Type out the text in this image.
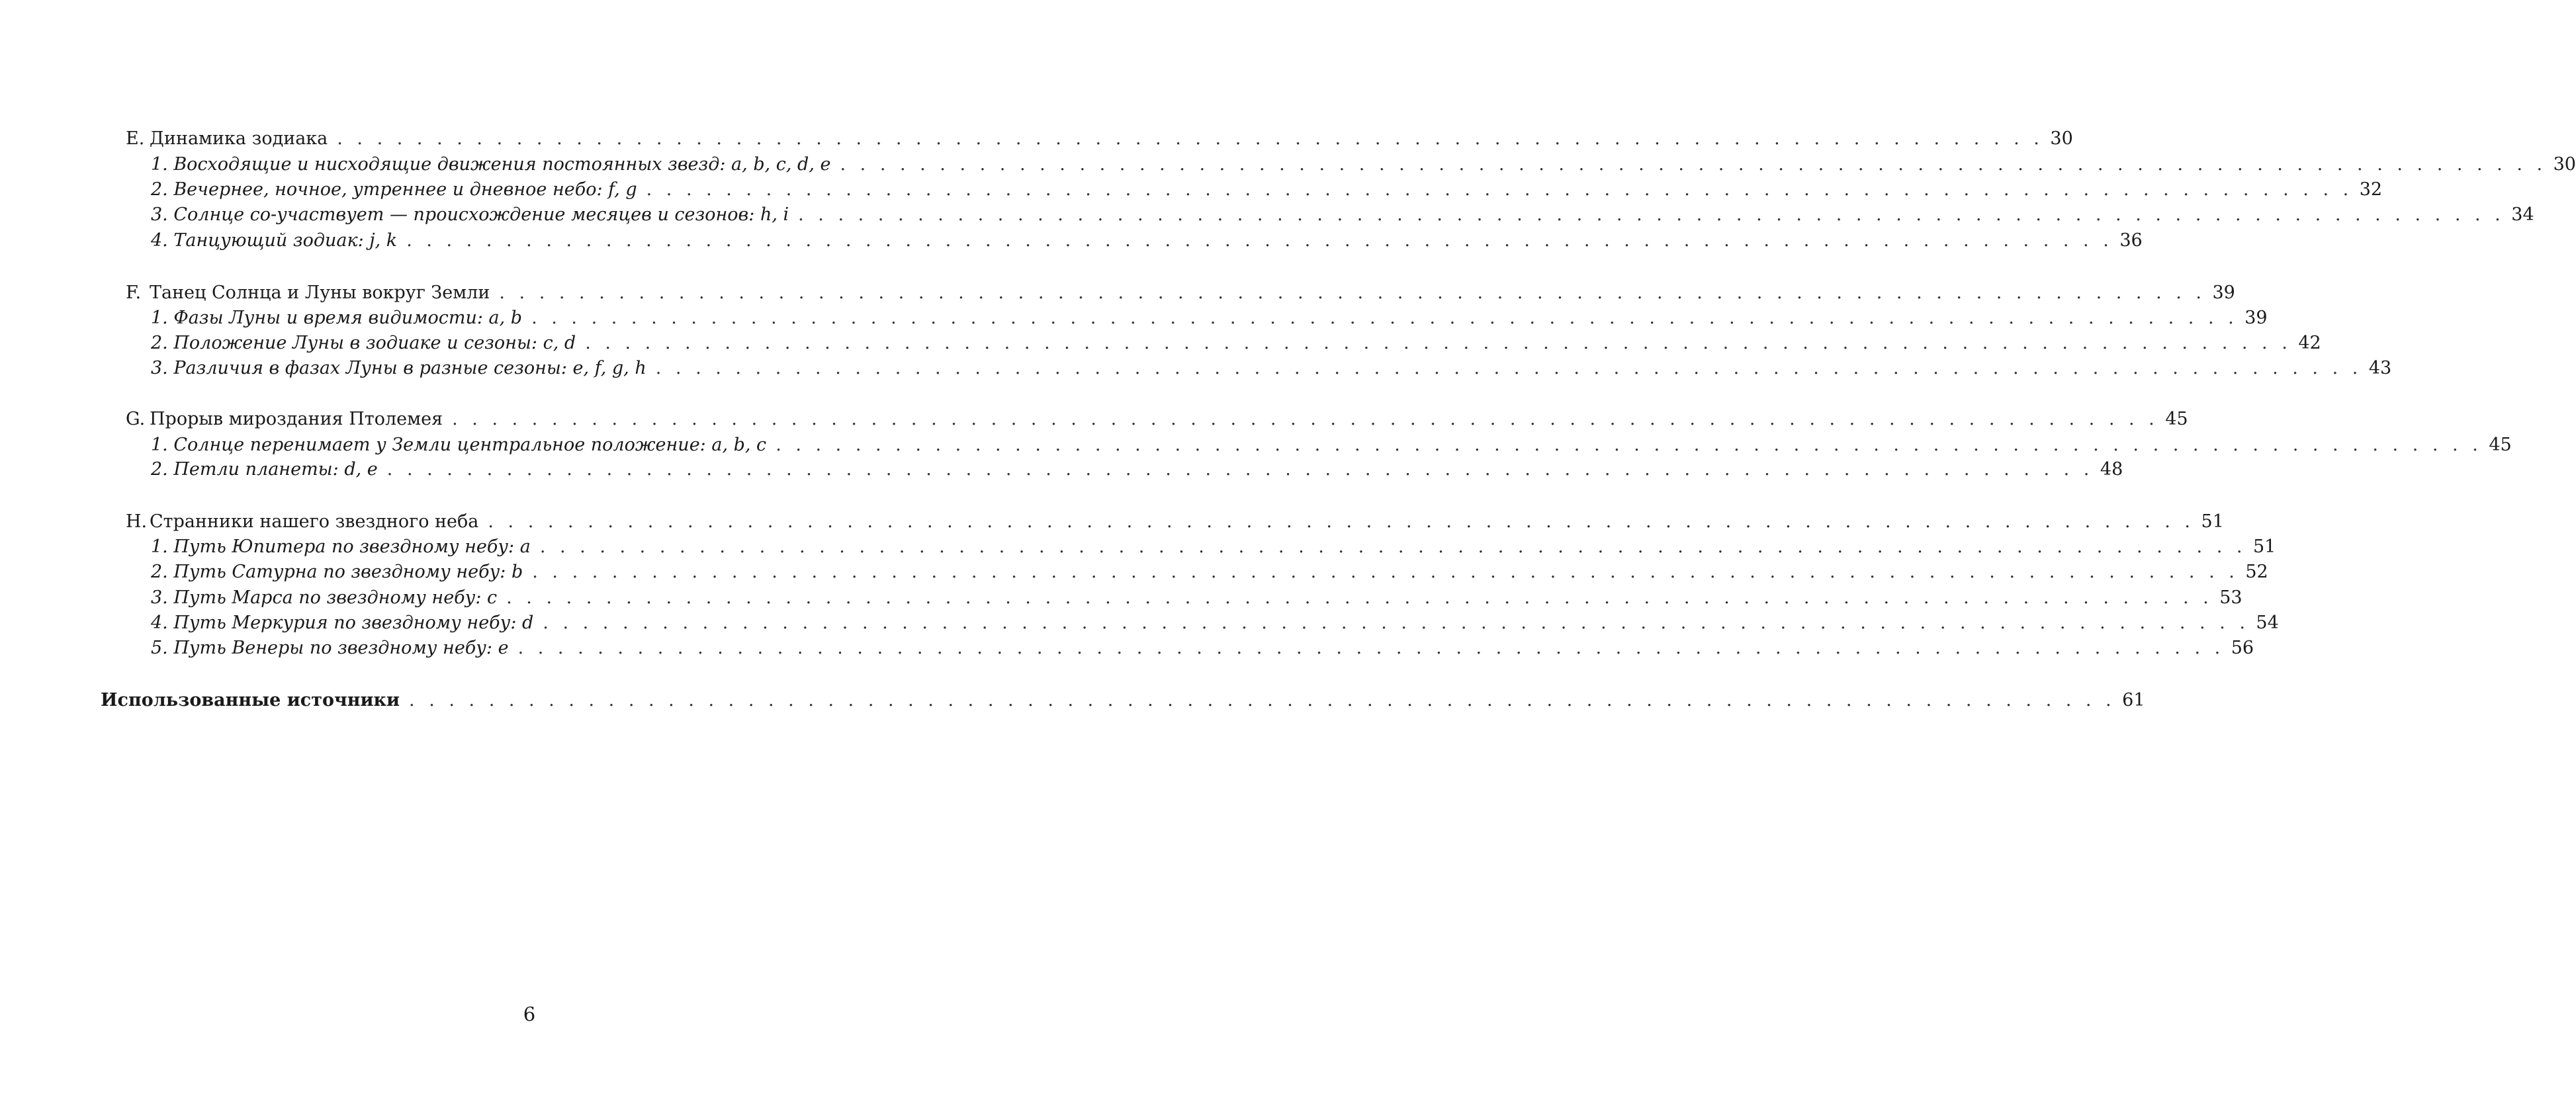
E. Динамика зодиака . . . . . . . . . . . . . . . . . . . . . . . . . . . . . . . . . . . . . . . . . . . . . . . . . . . . . . . . . . . . . . . . . . . . . . . . . . . . . . . . . . . . . . 30
1. Восходящие и нисходящие движения постоянных звезд: a, b, c, d, e . . . . . . . . . . . . . . . . . . . . . . . . . . . . . . . . . . . . . . . . . . . . . . . . . . . . . . . . . . . . . . . . . . . . . . . . . . . . . . . . . . . . . . 30
2. Вечернее, ночное, утреннее и дневное небо: f, g . . . . . . . . . . . . . . . . . . . . . . . . . . . . . . . . . . . . . . . . . . . . . . . . . . . . . . . . . . . . . . . . . . . . . . . . . . . . . . . . . . . . . . 32
3. Солнце со-участвует — происхождение месяцев и сезонов: h, i . . . . . . . . . . . . . . . . . . . . . . . . . . . . . . . . . . . . . . . . . . . . . . . . . . . . . . . . . . . . . . . . . . . . . . . . . . . . . . . . . . . . . . 34
4. Танцующий зодиак: j, k . . . . . . . . . . . . . . . . . . . . . . . . . . . . . . . . . . . . . . . . . . . . . . . . . . . . . . . . . . . . . . . . . . . . . . . . . . . . . . . . . . . . . . 36
F. Танец Солнца и Луны вокруг Земли . . . . . . . . . . . . . . . . . . . . . . . . . . . . . . . . . . . . . . . . . . . . . . . . . . . . . . . . . . . . . . . . . . . . . . . . . . . . . . . . . . . . . . 39
1. Фазы Луны и время видимости: a, b . . . . . . . . . . . . . . . . . . . . . . . . . . . . . . . . . . . . . . . . . . . . . . . . . . . . . . . . . . . . . . . . . . . . . . . . . . . . . . . . . . . . . . 39
2. Положение Луны в зодиаке и сезоны: c, d . . . . . . . . . . . . . . . . . . . . . . . . . . . . . . . . . . . . . . . . . . . . . . . . . . . . . . . . . . . . . . . . . . . . . . . . . . . . . . . . . . . . . . 42
3. Различия в фазах Луны в разные сезоны: e, f, g, h . . . . . . . . . . . . . . . . . . . . . . . . . . . . . . . . . . . . . . . . . . . . . . . . . . . . . . . . . . . . . . . . . . . . . . . . . . . . . . . . . . . . . . 43
G. Прорыв мироздания Птолемея . . . . . . . . . . . . . . . . . . . . . . . . . . . . . . . . . . . . . . . . . . . . . . . . . . . . . . . . . . . . . . . . . . . . . . . . . . . . . . . . . . . . . . 45
1. Солнце перенимает у Земли центральное положение: a, b, c . . . . . . . . . . . . . . . . . . . . . . . . . . . . . . . . . . . . . . . . . . . . . . . . . . . . . . . . . . . . . . . . . . . . . . . . . . . . . . . . . . . . . . 45
2. Петли планеты: d, e . . . . . . . . . . . . . . . . . . . . . . . . . . . . . . . . . . . . . . . . . . . . . . . . . . . . . . . . . . . . . . . . . . . . . . . . . . . . . . . . . . . . . . 48
H. Странники нашего звездного неба . . . . . . . . . . . . . . . . . . . . . . . . . . . . . . . . . . . . . . . . . . . . . . . . . . . . . . . . . . . . . . . . . . . . . . . . . . . . . . . . . . . . . . 51
1. Путь Юпитера по звездному небу: a . . . . . . . . . . . . . . . . . . . . . . . . . . . . . . . . . . . . . . . . . . . . . . . . . . . . . . . . . . . . . . . . . . . . . . . . . . . . . . . . . . . . . . 51
2. Путь Сатурна по звездному небу: b . . . . . . . . . . . . . . . . . . . . . . . . . . . . . . . . . . . . . . . . . . . . . . . . . . . . . . . . . . . . . . . . . . . . . . . . . . . . . . . . . . . . . . 52
3. Путь Марса по звездному небу: c . . . . . . . . . . . . . . . . . . . . . . . . . . . . . . . . . . . . . . . . . . . . . . . . . . . . . . . . . . . . . . . . . . . . . . . . . . . . . . . . . . . . . . 53
4. Путь Меркурия по звездному небу: d . . . . . . . . . . . . . . . . . . . . . . . . . . . . . . . . . . . . . . . . . . . . . . . . . . . . . . . . . . . . . . . . . . . . . . . . . . . . . . . . . . . . . . 54
5. Путь Венеры по звездному небу: e . . . . . . . . . . . . . . . . . . . . . . . . . . . . . . . . . . . . . . . . . . . . . . . . . . . . . . . . . . . . . . . . . . . . . . . . . . . . . . . . . . . . . . 56
Использованные источники . . . . . . . . . . . . . . . . . . . . . . . . . . . . . . . . . . . . . . . . . . . . . . . . . . . . . . . . . . . . . . . . . . . . . . . . . . . . . . . . . . . . . . 61
6
